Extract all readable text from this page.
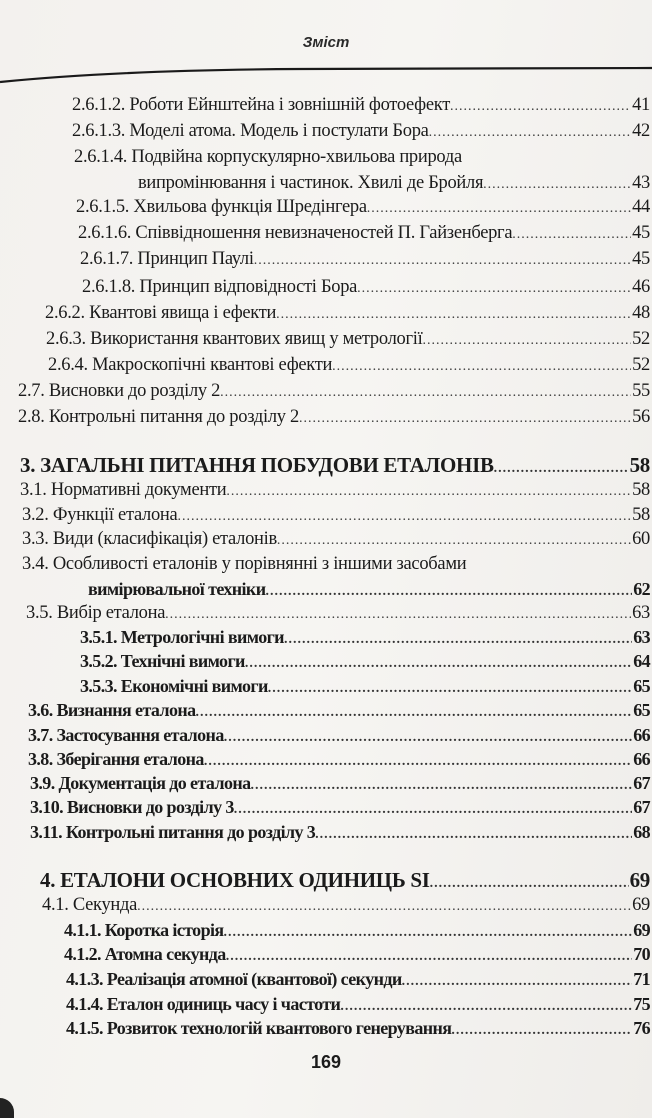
Зміст
2.6.1.2. Роботи Ейнштейна і зовнішній фотоефект .....	41
2.6.1.3. Моделі атома. Модель і постулати Бора .....	42
2.6.1.4. Подвійна корпускулярно-хвильова природа
випромінювання і частинок. Хвилі де Бройля .....	43
2.6.1.5. Хвильова функція Шредінгера .....	44
2.6.1.6. Співвідношення невизначеностей П. Гайзенберга .....	45
2.6.1.7. Принцип Паулі .....	45
2.6.1.8. Принцип відповідності Бора .....	46
2.6.2. Квантові явища і ефекти .....	48
2.6.3. Використання квантових явищ у метрології .....	52
2.6.4. Макроскопічні квантові ефекти .....	52
2.7. Висновки до розділу 2 .....	55
2.8. Контрольні питання до розділу 2 .....	56
3. ЗАГАЛЬНІ ПИТАННЯ ПОБУДОВИ ЕТАЛОНІВ .....	58
3.1. Нормативні документи .....	58
3.2. Функції еталона .....	58
3.3. Види (класифікація) еталонів .....	60
3.4. Особливості еталонів у порівнянні з іншими засобами
вимірювальної техніки .....	62
3.5. Вибір еталона .....	63
3.5.1. Метрологічні вимоги .....	63
3.5.2. Технічні вимоги .....	64
3.5.3. Економічні вимоги .....	65
3.6. Визнання еталона .....	65
3.7. Застосування еталона .....	66
3.8. Зберігання еталона .....	66
3.9. Документація до еталона .....	67
3.10. Висновки до розділу 3 .....	67
3.11. Контрольні питання до розділу 3 .....	68
4. ЕТАЛОНИ ОСНОВНИХ ОДИНИЦЬ SI .....	69
4.1. Секунда .....	69
4.1.1. Коротка історія .....	69
4.1.2. Атомна секунда .....	70
4.1.3. Реалізація атомної (квантової) секунди .....	71
4.1.4. Еталон одиниць часу і частоти .....	75
4.1.5. Розвиток технологій квантового генерування .....	76
169
